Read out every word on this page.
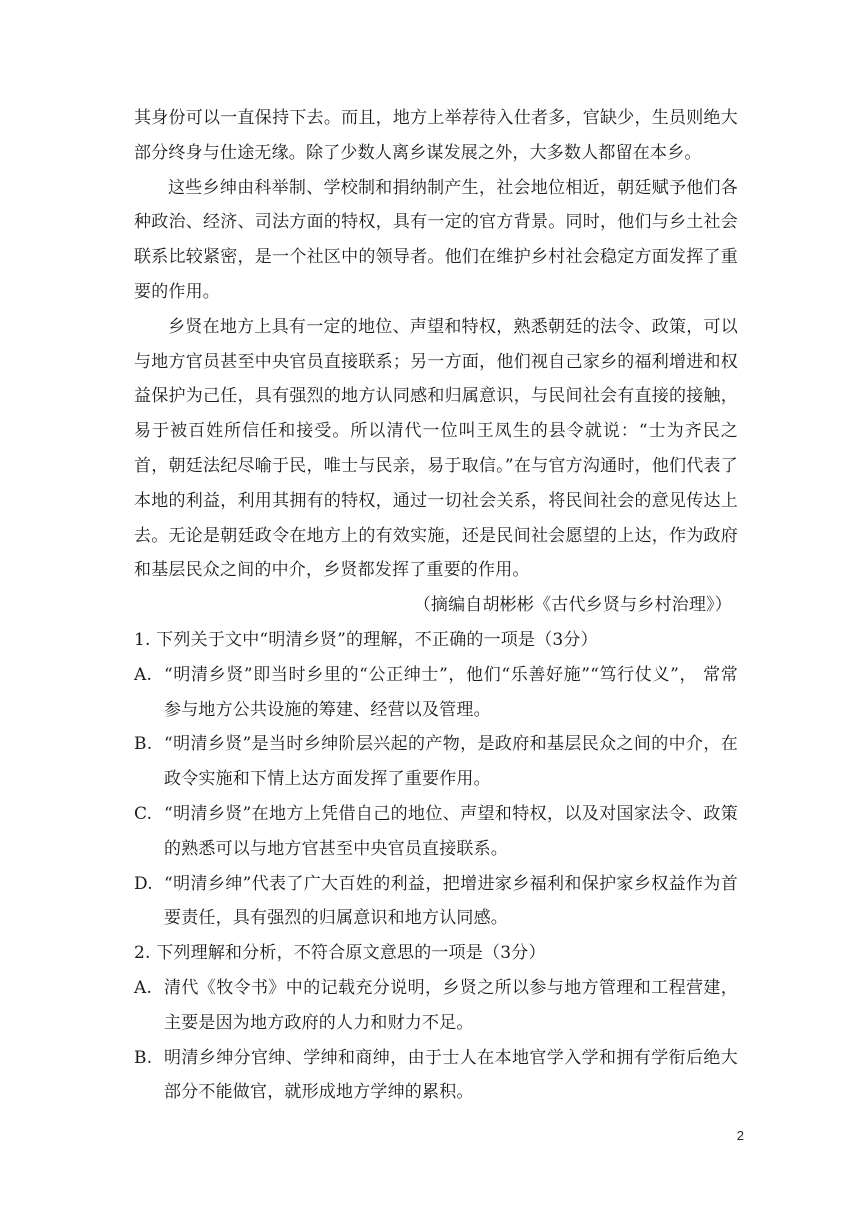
其身份可以一直保持下去。而且，地方上举荐待入仕者多，官缺少，生员则绝大部分终身与仕途无缘。除了少数人离乡谋发展之外，大多数人都留在本乡。

这些乡绅由科举制、学校制和捐纳制产生，社会地位相近，朝廷赋予他们各种政治、经济、司法方面的特权，具有一定的官方背景。同时，他们与乡土社会联系比较紧密，是一个社区中的领导者。他们在维护乡村社会稳定方面发挥了重要的作用。

乡贤在地方上具有一定的地位、声望和特权，熟悉朝廷的法令、政策，可以与地方官员甚至中央官员直接联系；另一方面，他们视自己家乡的福利增进和权益保护为己任，具有强烈的地方认同感和归属意识，与民间社会有直接的接触，易于被百姓所信任和接受。所以清代一位叫王凤生的县令就说：“士为齐民之首，朝廷法纪尽喻于民，唯士与民亲，易于取信。”在与官方沟通时，他们代表了本地的利益，利用其拥有的特权，通过一切社会关系，将民间社会的意见传达上去。无论是朝廷政令在地方上的有效实施，还是民间社会愿望的上达，作为政府和基层民众之间的中介，乡贤都发挥了重要的作用。

（摘编自胡彬彬《古代乡贤与乡村治理》）

1. 下列关于文中“明清乡贤”的理解，不正确的一项是（3分）

A. “明清乡贤”即当时乡里的“公正绅士”，他们“乐善好施”“笃行仗义”， 常常参与地方公共设施的筹建、经营以及管理。
B. “明清乡贤”是当时乡绅阶层兴起的产物，是政府和基层民众之间的中介，在政令实施和下情上达方面发挥了重要作用。
C. “明清乡贤”在地方上凭借自己的地位、声望和特权，以及对国家法令、政策的熟悉可以与地方官甚至中央官员直接联系。
D. “明清乡绅”代表了广大百姓的利益，把增进家乡福利和保护家乡权益作为首要责任，具有强烈的归属意识和地方认同感。

2. 下列理解和分析，不符合原文意思的一项是（3分）

A. 清代《牧令书》中的记载充分说明，乡贤之所以参与地方管理和工程营建，主要是因为地方政府的人力和财力不足。
B. 明清乡绅分官绅、学绅和商绅，由于士人在本地官学入学和拥有学衔后绝大部分不能做官，就形成地方学绅的累积。
2
